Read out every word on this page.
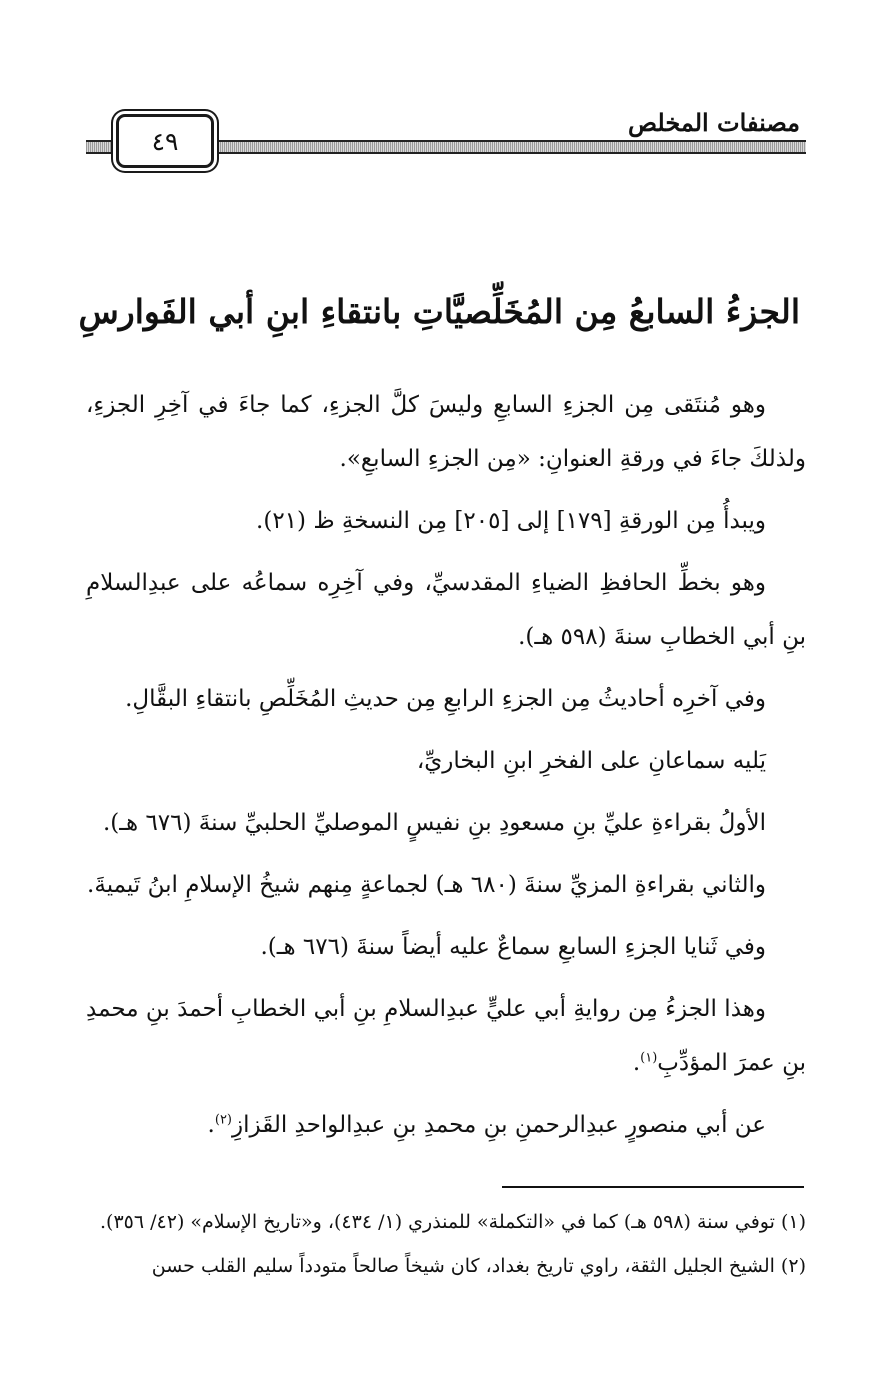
مصنفات المخلص
٤٩
الجزءُ السابعُ مِن المُخَلِّصيَّاتِ بانتقاءِ ابنِ أبي الفَوارسِ

وهو مُنتَقى مِن الجزءِ السابعِ وليسَ كلَّ الجزءِ، كما جاءَ في آخِرِ الجزءِ، ولذلكَ جاءَ في ورقةِ العنوانِ: «مِن الجزءِ السابعِ».

ويبدأُ مِن الورقةِ [١٧٩] إلى [٢٠٥] مِن النسخةِ ظ (٢١).

وهو بخطِّ الحافظِ الضياءِ المقدسيِّ، وفي آخِرِه سماعُه على عبدِالسلامِ بنِ أبي الخطابِ سنةَ (٥٩٨ هـ).

وفي آخرِه أحاديثُ مِن الجزءِ الرابعِ مِن حديثِ المُخَلِّصِ بانتقاءِ البقَّالِ.

يَليه سماعانِ على الفخرِ ابنِ البخاريِّ،

الأولُ بقراءةِ عليِّ بنِ مسعودِ بنِ نفيسٍ الموصليِّ الحلبيِّ سنةَ (٦٧٦ هـ).

والثاني بقراءةِ المزيِّ سنةَ (٦٨٠ هـ) لجماعةٍ مِنهم شيخُ الإسلامِ ابنُ تَيميةَ.

وفي ثَنايا الجزءِ السابعِ سماعٌ عليه أيضاً سنةَ (٦٧٦ هـ).

وهذا الجزءُ مِن روايةِ أبي عليٍّ عبدِالسلامِ بنِ أبي الخطابِ أحمدَ بنِ محمدِ بنِ عمرَ المؤدِّبِ$^{(١)}$.

عن أبي منصورٍ عبدِالرحمنِ بنِ محمدِ بنِ عبدِالواحدِ القَزازِ$^{(٢)}$.

(١) توفي سنة (٥٩٨ هـ) كما في «التكملة» للمنذري (١/ ٤٣٤)، و«تاريخ الإسلام» (٤٢/ ٣٥٦).

(٢) الشيخ الجليل الثقة، راوي تاريخ بغداد، كان شيخاً صالحاً متودداً سليم القلب حسن
